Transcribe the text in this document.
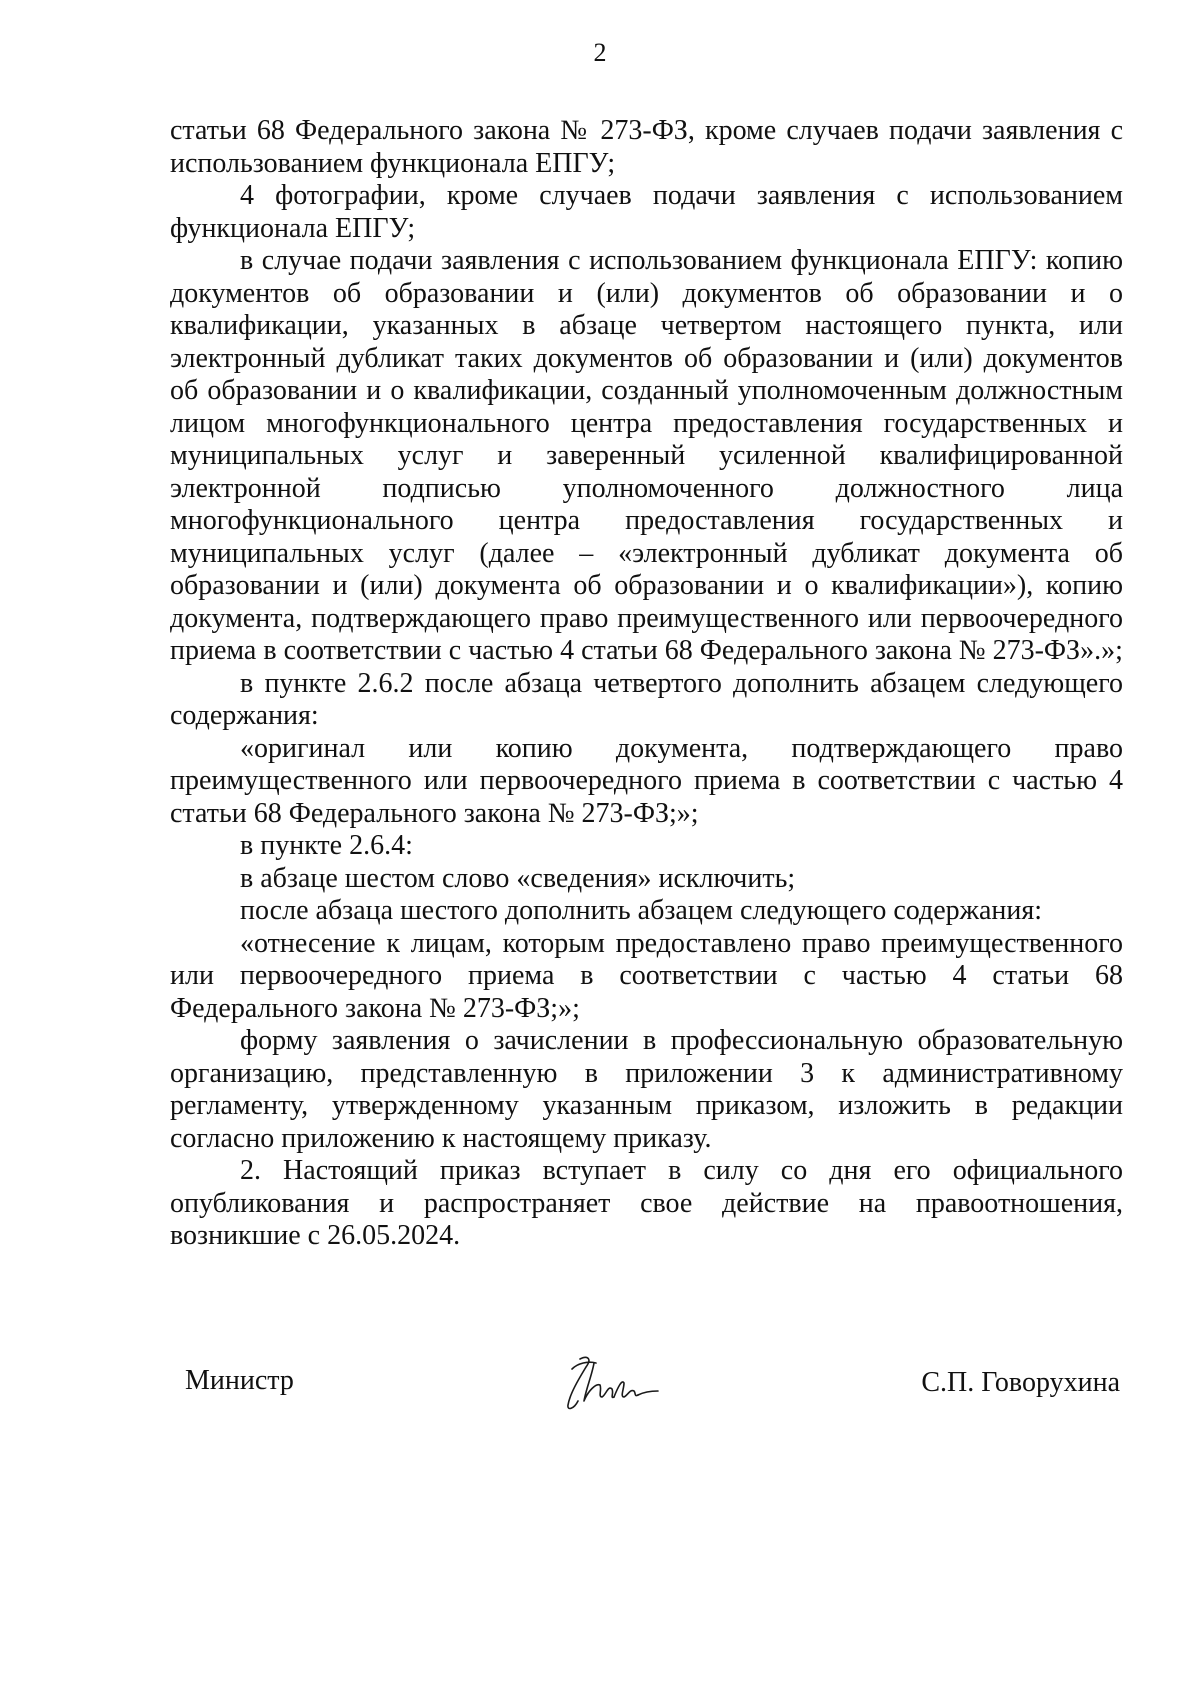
2

статьи 68 Федерального закона № 273-ФЗ, кроме случаев подачи заявления с использованием функционала ЕПГУ;

4 фотографии, кроме случаев подачи заявления с использованием функционала ЕПГУ;

в случае подачи заявления с использованием функционала ЕПГУ: копию документов об образовании и (или) документов об образовании и о квалификации, указанных в абзаце четвертом настоящего пункта, или электронный дубликат таких документов об образовании и (или) документов об образовании и о квалификации, созданный уполномоченным должностным лицом многофункционального центра предоставления государственных и муниципальных услуг и заверенный усиленной квалифицированной электронной подписью уполномоченного должностного лица многофункционального центра предоставления государственных и муниципальных услуг (далее – «электронный дубликат документа об образовании и (или) документа об образовании и о квалификации»), копию документа, подтверждающего право преимущественного или первоочередного приема в соответствии с частью 4 статьи 68 Федерального закона № 273-ФЗ».»;

в пункте 2.6.2 после абзаца четвертого дополнить абзацем следующего содержания:

«оригинал или копию документа, подтверждающего право преимущественного или первоочередного приема в соответствии с частью 4 статьи 68 Федерального закона № 273-ФЗ;»;

в пункте 2.6.4:

в абзаце шестом слово «сведения» исключить;

после абзаца шестого дополнить абзацем следующего содержания:

«отнесение к лицам, которым предоставлено право преимущественного или первоочередного приема в соответствии с частью 4 статьи 68 Федерального закона № 273-ФЗ;»;

форму заявления о зачислении в профессиональную образовательную организацию, представленную в приложении 3 к административному регламенту, утвержденному указанным приказом, изложить в редакции согласно приложению к настоящему приказу.

2. Настоящий приказ вступает в силу со дня его официального опубликования и распространяет свое действие на правоотношения, возникшие с 26.05.2024.

Министр	С.П. Говорухина
